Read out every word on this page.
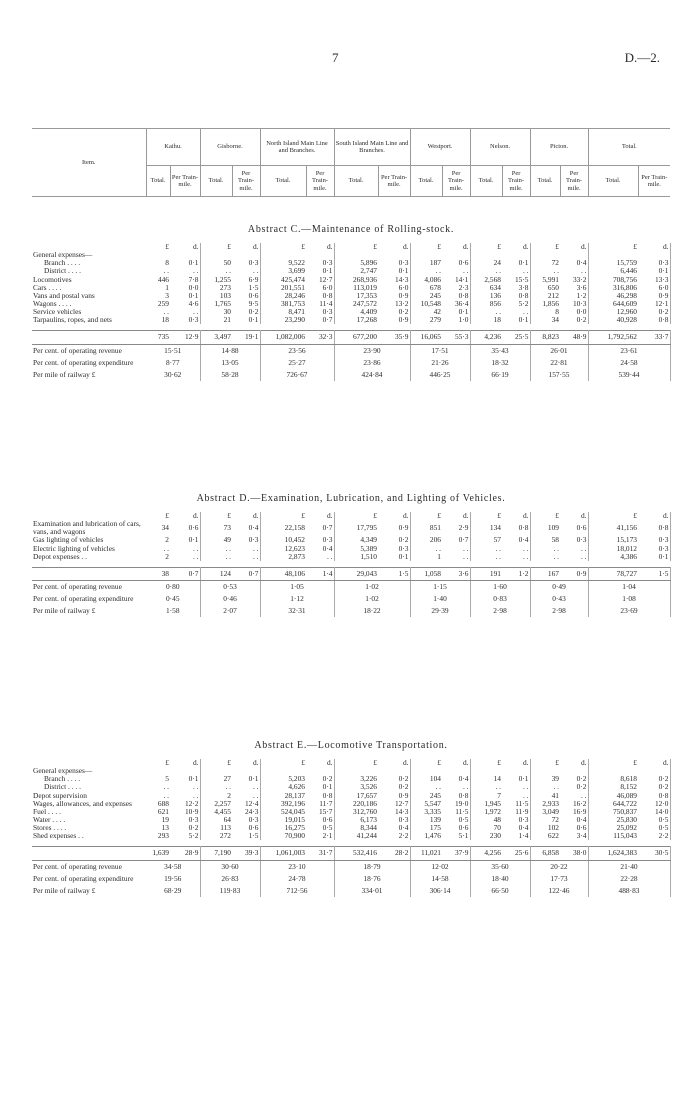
7	D.—2.
Item.	Kaihu.		Gisborne.		North Island Main Line and Branches.		South Island Main Line and Branches.		Westport.		Nelson.		Picton.		Total.	
	Total.	Per Train-mile.	Total.	Per Train-mile.	Total.	Per Train-mile.	Total.	Per Train-mile.	Total.	Per Train-mile.	Total.	Per Train-mile.	Total.	Per Train-mile.	Total.	Per Train-mile.
Abstract C.—Maintenance of Rolling-stock.
	£	d.	£	d.	£	d.	£	d.	£	d.	£	d.	£	d.	£	d.
General expenses—																
Branch . . . .	8	0·1	50	0·3	9,522	0·3	5,896	0·3	187	0·6	24	0·1	72	0·4	15,759	0·3
District . . . .	. .	. .	. .	. .	3,699	0·1	2,747	0·1	. .	. .	. .	. .	. .	. .	6,446	0·1
Locomotives	446	7·8	1,255	6·9	425,474	12·7	268,936	14·3	4,086	14·1	2,568	15·5	5,991	33·2	708,756	13·3
Cars . . . .	1	0·0	273	1·5	201,551	6·0	113,019	6·0	678	2·3	634	3·8	650	3·6	316,806	6·0
Vans and postal vans	3	0·1	103	0·6	28,246	0·8	17,353	0·9	245	0·8	136	0·8	212	1·2	46,298	0·9
Wagons . . . .	259	4·6	1,765	9·5	381,753	11·4	247,572	13·2	10,548	36·4	856	5·2	1,856	10·3	644,609	12·1
Service vehicles	. .	. .	30	0·2	8,471	0·3	4,409	0·2	42	0·1	. .	. .	8	0·0	12,960	0·2
Tarpaulins, ropes, and nets	18	0·3	21	0·1	23,290	0·7	17,268	0·9	279	1·0	18	0·1	34	0·2	40,928	0·8

	735	12·9	3,497	19·1	1,082,006	32·3	677,200	35·9	16,065	55·3	4,236	25·5	8,823	48·9	1,792,562	33·7
Per cent. of operating revenue	15·51		14·88		23·56		23·90		17·51		35·43		26·01		23·61	
Per cent. of operating expenditure	8·77		13·05		25·27		23·86		21·26		18·32		22·81		24·58	
Per mile of railway £	30·62		58·28		726·67		424·84		446·25		66·19		157·55		539·44	
Abstract D.—Examination, Lubrication, and Lighting of Vehicles.
	£	d.	£	d.	£	d.	£	d.	£	d.	£	d.	£	d.	£	d.
Examination and lubrication of cars, vans, and wagons	34	0·6	73	0·4	22,158	0·7	17,795	0·9	851	2·9	134	0·8	109	0·6	41,156	0·8
Gas lighting of vehicles	2	0·1	49	0·3	10,452	0·3	4,349	0·2	206	0·7	57	0·4	58	0·3	15,173	0·3
Electric lighting of vehicles	. .	. .	. .	. .	12,623	0·4	5,389	0·3	. .	. .	. .	. .	. .	. .	18,012	0·3
Depot expenses . .	2	. .	. .	. .	2,873	. .	1,510	0·1	1	. .	. .	. .	. .	. .	4,386	0·1

	38	0·7	124	0·7	48,106	1·4	29,043	1·5	1,058	3·6	191	1·2	167	0·9	78,727	1·5
Per cent. of operating revenue	0·80		0·53		1·05		1·02		1·15		1·60		0·49		1·04	
Per cent. of operating expenditure	0·45		0·46		1·12		1·02		1·40		0·83		0·43		1·08	
Per mile of railway £	1·58		2·07		32·31		18·22		29·39		2·98		2·98		23·69	
Abstract E.—Locomotive Transportation.
	£	d.	£	d.	£	d.	£	d.	£	d.	£	d.	£	d.	£	d.
General expenses—																
Branch . . . .	5	0·1	27	0·1	5,203	0·2	3,226	0·2	104	0·4	14	0·1	39	0·2	8,618	0·2
District . . . .	. .	. .	. .	. .	4,626	0·1	3,526	0·2	. .	. .	. .	. .	. .	0·2	8,152	0·2
Depot supervision	. .	. .	2	. .	28,137	0·8	17,657	0·9	245	0·8	7	. .	41	. .	46,089	0·8
Wages, allowances, and expenses	688	12·2	2,257	12·4	392,196	11·7	220,186	12·7	5,547	19·0	1,945	11·5	2,933	16·2	644,722	12·0
Fuel . . . .	621	10·9	4,455	24·3	524,045	15·7	312,760	14·3	3,335	11·5	1,972	11·9	3,049	16·9	750,837	14·0
Water . . . .	19	0·3	64	0·3	19,015	0·6	6,173	0·3	139	0·5	48	0·3	72	0·4	25,830	0·5
Stores . . . .	13	0·2	113	0·6	16,275	0·5	8,344	0·4	175	0·6	70	0·4	102	0·6	25,092	0·5
Shed expenses . .	293	5·2	272	1·5	70,900	2·1	41,244	2·2	1,476	5·1	230	1·4	622	3·4	115,043	2·2

	1,639	28·9	7,190	39·3	1,061,003	31·7	532,416	28·2	11,021	37·9	4,256	25·6	6,858	38·0	1,624,383	30·5
Per cent. of operating revenue	34·58		30·60		23·10		18·79		12·02		35·60		20·22		21·40	
Per cent. of operating expenditure	19·56		26·83		24·78		18·76		14·58		18·40		17·73		22·28	
Per mile of railway £	68·29		119·83		712·56		334·01		306·14		66·50		122·46		488·83	
